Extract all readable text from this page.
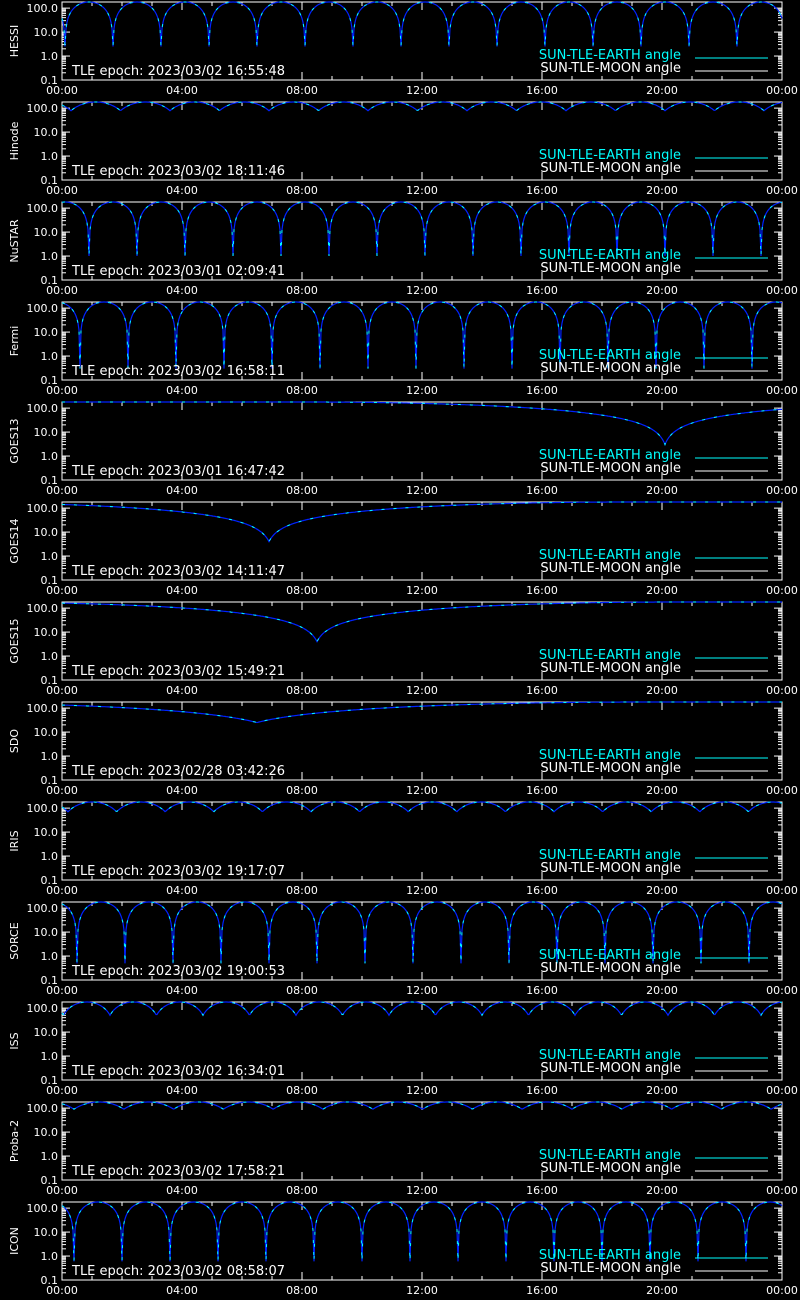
100.0
10.0
1.0
0.1
00:00	04:00	08:00	12:00	16:00	20:00	00:00
HESSI
TLE epoch: 2023/03/02 16:55:48
SUN-TLE-EARTH angle
SUN-TLE-MOON angle
100.0
10.0
1.0
0.1
00:00	04:00	08:00	12:00	16:00	20:00	00:00
Hinode
TLE epoch: 2023/03/02 18:11:46
SUN-TLE-EARTH angle
SUN-TLE-MOON angle
100.0
10.0
1.0
0.1
00:00	04:00	08:00	12:00	16:00	20:00	00:00
NuSTAR
TLE epoch: 2023/03/01 02:09:41
SUN-TLE-EARTH angle
SUN-TLE-MOON angle
100.0
10.0
1.0
0.1
00:00	04:00	08:00	12:00	16:00	20:00	00:00
Fermi
TLE epoch: 2023/03/02 16:58:11
SUN-TLE-EARTH angle
SUN-TLE-MOON angle
100.0
10.0
1.0
0.1
00:00	04:00	08:00	12:00	16:00	20:00	00:00
GOES13
TLE epoch: 2023/03/01 16:47:42
SUN-TLE-EARTH angle
SUN-TLE-MOON angle
100.0
10.0
1.0
0.1
00:00	04:00	08:00	12:00	16:00	20:00	00:00
GOES14
TLE epoch: 2023/03/02 14:11:47
SUN-TLE-EARTH angle
SUN-TLE-MOON angle
100.0
10.0
1.0
0.1
00:00	04:00	08:00	12:00	16:00	20:00	00:00
GOES15
TLE epoch: 2023/03/02 15:49:21
SUN-TLE-EARTH angle
SUN-TLE-MOON angle
100.0
10.0
1.0
0.1
00:00	04:00	08:00	12:00	16:00	20:00	00:00
SDO
TLE epoch: 2023/02/28 03:42:26
SUN-TLE-EARTH angle
SUN-TLE-MOON angle
100.0
10.0
1.0
0.1
00:00	04:00	08:00	12:00	16:00	20:00	00:00
IRIS
TLE epoch: 2023/03/02 19:17:07
SUN-TLE-EARTH angle
SUN-TLE-MOON angle
100.0
10.0
1.0
0.1
00:00	04:00	08:00	12:00	16:00	20:00	00:00
SORCE
TLE epoch: 2023/03/02 19:00:53
SUN-TLE-EARTH angle
SUN-TLE-MOON angle
100.0
10.0
1.0
0.1
00:00	04:00	08:00	12:00	16:00	20:00	00:00
ISS
TLE epoch: 2023/03/02 16:34:01
SUN-TLE-EARTH angle
SUN-TLE-MOON angle
100.0
10.0
1.0
0.1
00:00	04:00	08:00	12:00	16:00	20:00	00:00
Proba-2
TLE epoch: 2023/03/02 17:58:21
SUN-TLE-EARTH angle
SUN-TLE-MOON angle
100.0
10.0
1.0
0.1
00:00	04:00	08:00	12:00	16:00	20:00	00:00
ICON
TLE epoch: 2023/03/02 08:58:07
SUN-TLE-EARTH angle
SUN-TLE-MOON angle
